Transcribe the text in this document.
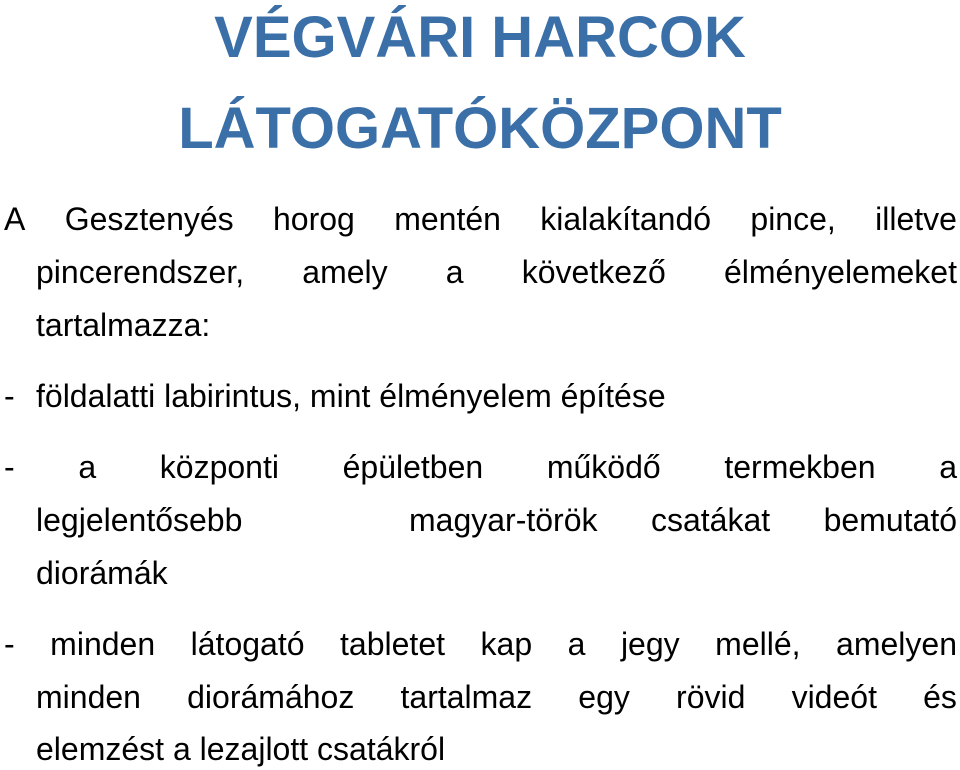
VÉGVÁRI HARCOK
LÁTOGATÓKÖZPONT
A Gesztenyés horog mentén kialakítandó pince, illetve
pincerendszer, amely a következő élményelemeket
tartalmazza:
- földalatti labirintus, mint élményelem építése
- a központi épületben működő termekben a
legjelentősebb	magyar-török csatákat bemutató
diorámák
- minden látogató tabletet kap a jegy mellé, amelyen
minden diorámához tartalmaz egy rövid videót és
elemzést a lezajlott csatákról
